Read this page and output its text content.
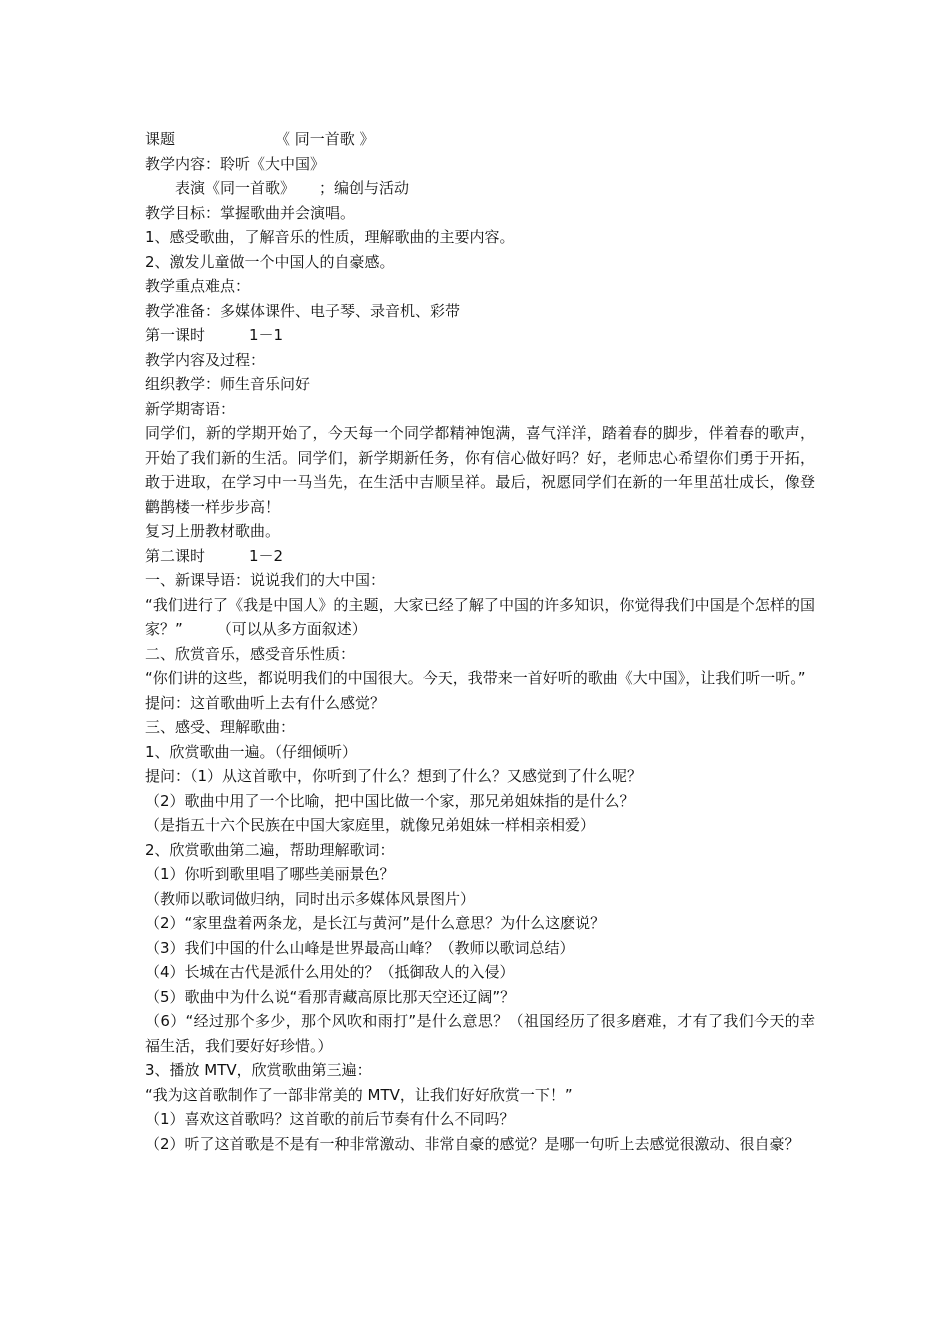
课题	《 同一首歌 》

教学内容：聆听《大中国》

表演《同一首歌》 ；编创与活动

教学目标：掌握歌曲并会演唱。

1、感受歌曲，了解音乐的性质，理解歌曲的主要内容。

2、激发儿童做一个中国人的自豪感。

教学重点难点：

教学准备：多媒体课件、电子琴、录音机、彩带

第一课时	1－1

教学内容及过程：

组织教学：师生音乐问好

新学期寄语：

同学们，新的学期开始了，今天每一个同学都精神饱满，喜气洋洋，踏着春的脚步，伴着春的歌声，开始了我们新的生活。同学们，新学期新任务，你有信心做好吗？好，老师忠心希望你们勇于开拓，敢于进取，在学习中一马当先，在生活中吉顺呈祥。最后，祝愿同学们在新的一年里茁壮成长，像登鹳鹊楼一样步步高！

复习上册教材歌曲。

第二课时	1－2

一、新课导语：说说我们的大中国：

“我们进行了《我是中国人》的主题，大家已经了解了中国的许多知识，你觉得我们中国是个怎样的国家？” （可以从多方面叙述）

二、欣赏音乐，感受音乐性质：

“你们讲的这些，都说明我们的中国很大。今天，我带来一首好听的歌曲《大中国》，让我们听一听。”

提问：这首歌曲听上去有什么感觉？

三、感受、理解歌曲：

1、欣赏歌曲一遍。（仔细倾听）

提问：（1）从这首歌中，你听到了什么？想到了什么？又感觉到了什么呢？

（2）歌曲中用了一个比喻，把中国比做一个家，那兄弟姐妹指的是什么？

（是指五十六个民族在中国大家庭里，就像兄弟姐妹一样相亲相爱）

2、欣赏歌曲第二遍，帮助理解歌词：

（1）你听到歌里唱了哪些美丽景色？

（教师以歌词做归纳，同时出示多媒体风景图片）

（2）“家里盘着两条龙，是长江与黄河”是什么意思？为什么这麽说？

（3）我们中国的什么山峰是世界最高山峰？（教师以歌词总结）

（4）长城在古代是派什么用处的？（抵御敌人的入侵）

（5）歌曲中为什么说“看那青藏高原比那天空还辽阔”？

（6）“经过那个多少，那个风吹和雨打”是什么意思？（祖国经历了很多磨难，才有了我们今天的幸福生活，我们要好好珍惜。）

3、播放 MTV，欣赏歌曲第三遍：

“我为这首歌制作了一部非常美的 MTV，让我们好好欣赏一下！”

（1）喜欢这首歌吗？这首歌的前后节奏有什么不同吗？

（2）听了这首歌是不是有一种非常激动、非常自豪的感觉？是哪一句听上去感觉很激动、很自豪？
